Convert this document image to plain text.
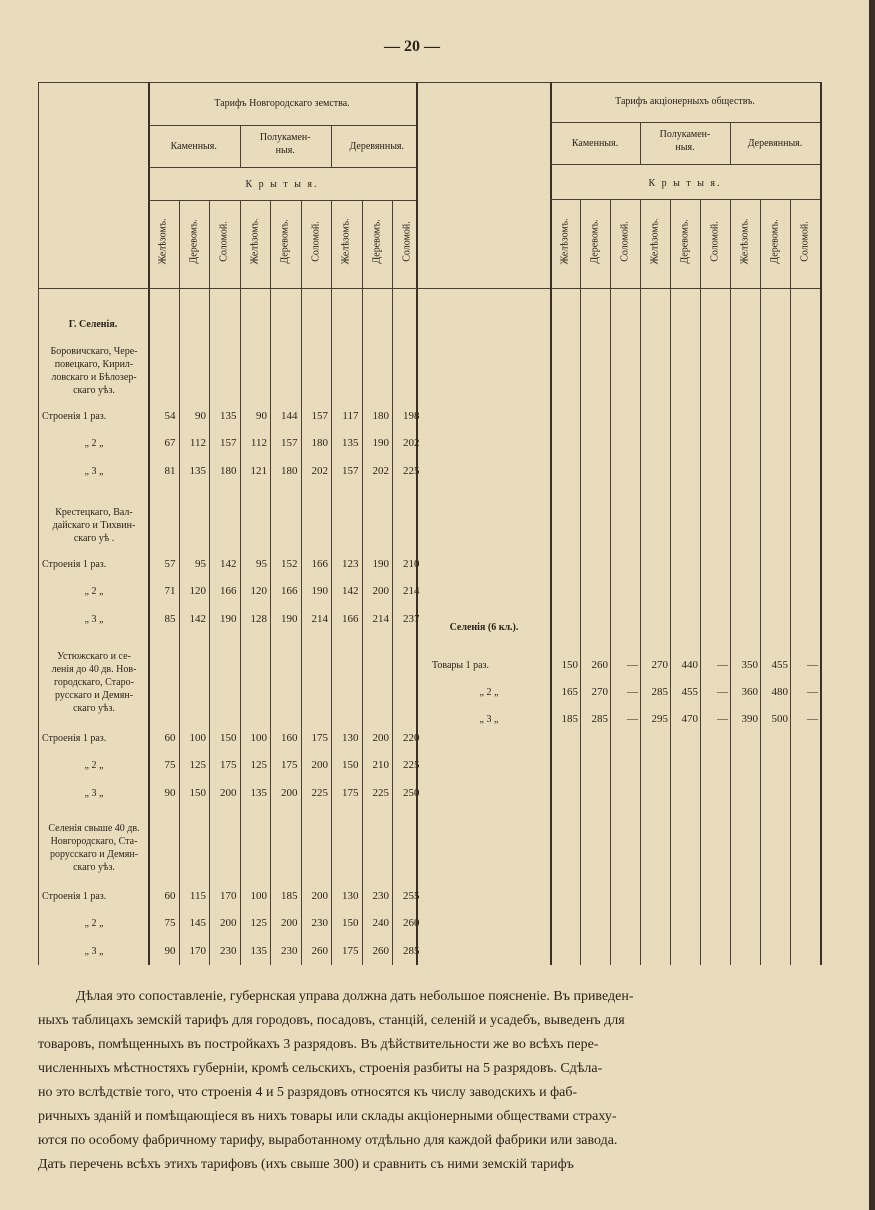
— 20 —
Тарифъ Новгородскаго земства.
Каменныя.
Полукамен-
ныя.	Деревянныя.
К р ы т ы я.
Желѣзомъ. Деревомъ. Соломой. Желѣзомъ. Деревомъ. Соломой. Желѣзомъ. Деревомъ. Соломой.
Г. Селенія.
Боровичскаго, Чере-
повецкаго, Кирил-
ловскаго и Бѣлозер-
скаго уѣз.
Строенія 1 раз.	54	90	135	90	144	157	117	180	198
„ 2 „	67	112	157	112	157	180	135	190	202
„ 3 „	81	135	180	121	180	202	157	202	225
Крестецкаго, Вал-
дайскаго и Тихвин-
скаго уѣ .
Строенія 1 раз.	57	95	142	95	152	166	123	190	210
„ 2 „	71	120	166	120	166	190	142	200	214
„ 3 „	85	142	190	128	190	214	166	214	237
Устюжскаго и се-
ленія до 40 дв. Нов-
городскаго, Старо-
русскаго и Демян-
скаго уѣз.
Строенія 1 раз.	60	100	150	100	160	175	130	200	220
„ 2 „	75	125	175	125	175	200	150	210	225
„ 3 „	90	150	200	135	200	225	175	225	250
Селенія свыше 40 дв.
Новгородскаго, Ста-
рорусскаго и Демян-
скаго уѣз.
Строенія 1 раз.	60	115	170	100	185	200	130	230	255
„ 2 „	75	145	200	125	200	230	150	240	260
„ 3 „	90	170	230	135	230	260	175	260	285
Тарифъ акціонерныхъ обществъ.
Каменныя.
Полукамен-
ныя.	Деревянныя.
К р ы т ы я.
Желѣзомъ. Деревомъ. Соломой. Желѣзомъ. Деревомъ. Соломой. Желѣзомъ. Деревомъ. Соломой.
Селенія (6 кл.).
Товары 1 раз.	150	260	—	270	440	—	350	455	—
„ 2 „	165	270	—	285	455	—	360	480	—
„ 3 „	185	285	—	295	470	—	390	500	—
Дѣлая это сопоставленіе, губернская управа должна дать небольшое поясненіе. Въ приведен-
ныхъ таблицахъ земскій тарифъ для городовъ, посадовъ, станцій, селеній и усадебъ, выведенъ для
товаровъ, помѣщенныхъ въ постройкахъ 3 разрядовъ. Въ дѣйствительности же во всѣхъ пере-
численныхъ мѣстностяхъ губерніи, кромѣ сельскихъ, строенія разбиты на 5 разрядовъ. Сдѣла-
но это вслѣдствіе того, что строенія 4 и 5 разрядовъ относятся къ числу заводскихъ и фаб-
ричныхъ зданій и помѣщающіеся въ нихъ товары или склады акціонерными обществами страху-
ются по особому фабричному тарифу, выработанному отдѣльно для каждой фабрики или завода.
Дать перечень всѣхъ этихъ тарифовъ (ихъ свыше 300) и сравнить съ ними земскій тарифъ
